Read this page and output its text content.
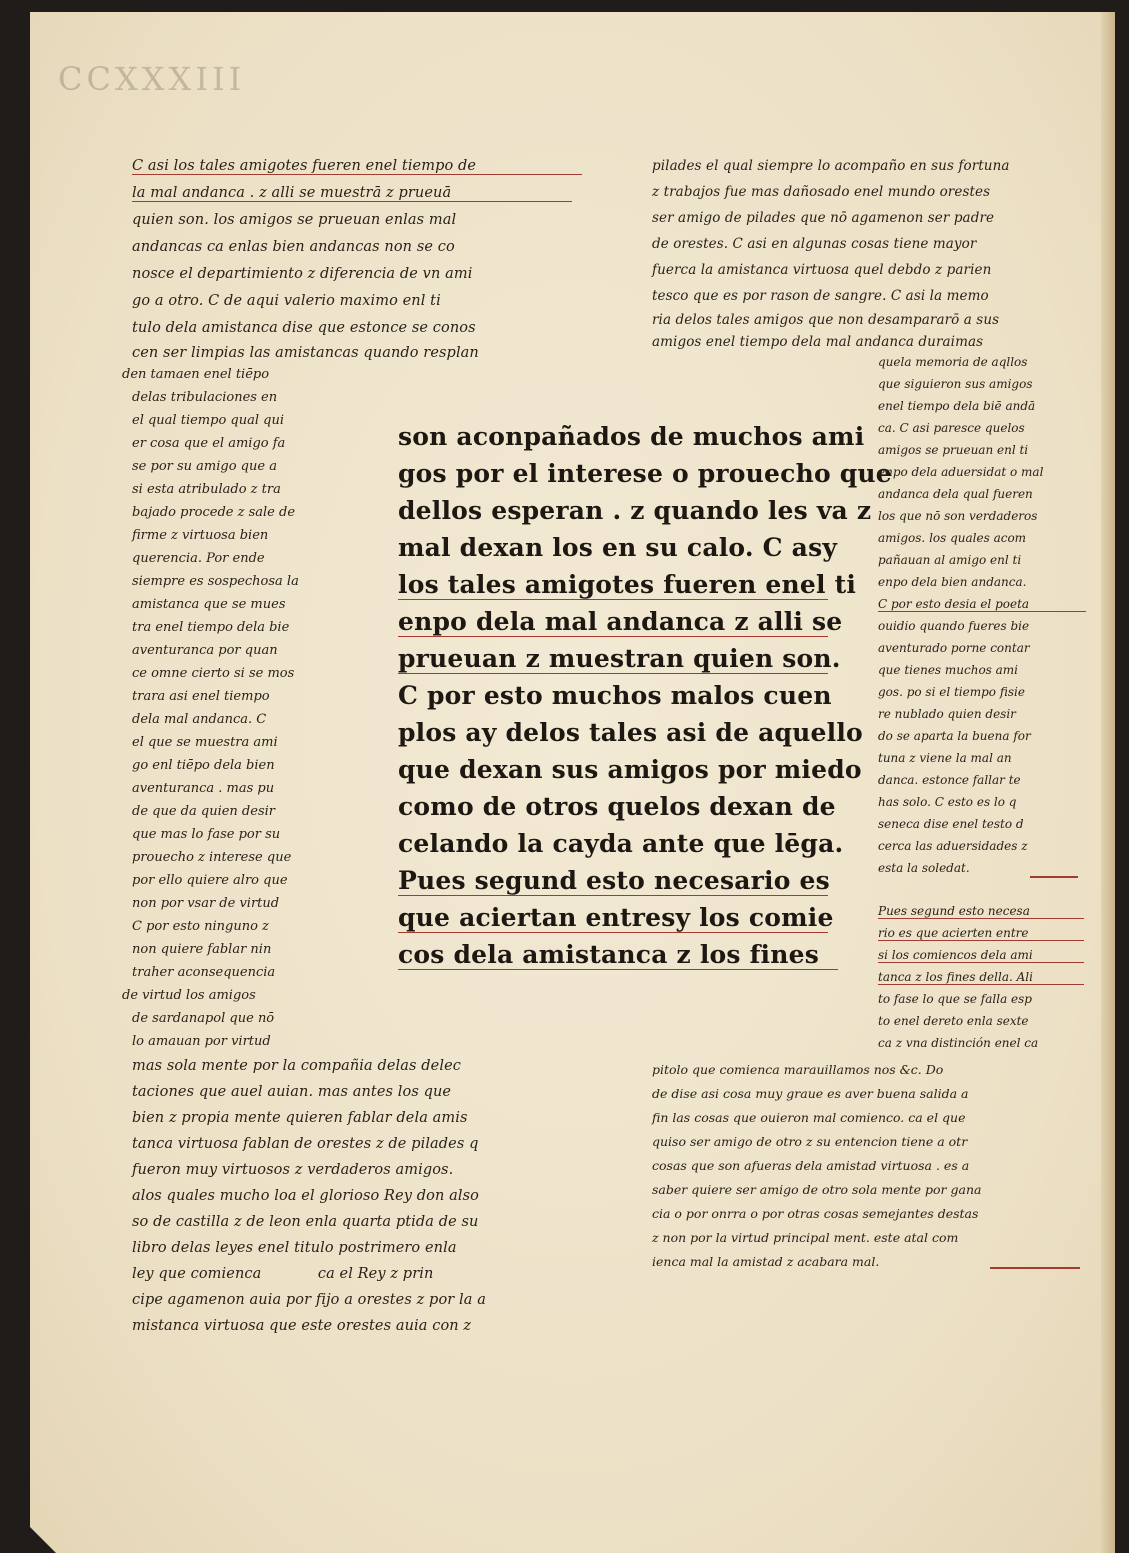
CCXXXIII
C asi los tales amigotes fueren enel tiempo de
la mal andanca . z alli se muestrā z prueuā
quien son. los amigos se prueuan enlas mal
andancas ca enlas bien andancas non se co
nosce el departimiento z diferencia de vn ami
go a otro. C de aqui valerio maximo enl ti
tulo dela amistanca dise que estonce se conos
cen ser limpias las amistancas quando resplan
den tamaen enel tiēpo
delas tribulaciones en
el qual tiempo qual qui
er cosa que el amigo fa
se por su amigo que a
si esta atribulado z tra
bajado procede z sale de
firme z virtuosa bien
querencia. Por ende
siempre es sospechosa la
amistanca que se mues
tra enel tiempo dela bie
aventuranca por quan
ce omne cierto si se mos
trara asi enel tiempo
dela mal andanca. C
el que se muestra ami
go enl tiēpo dela bien
aventuranca . mas pu
de que da quien desir
que mas lo fase por su
prouecho z interese que
por ello quiere alro que
non por vsar de virtud
C por esto ninguno z
non quiere fablar nin
traher aconsequencia
de virtud los amigos
de sardanapol que nō
lo amauan por virtud
mas sola mente por la compañia delas delec
taciones que auel auian. mas antes los que
bien z propia mente quieren fablar dela amis
tanca virtuosa fablan de orestes z de pilades q
fueron muy virtuosos z verdaderos amigos.
alos quales mucho loa el glorioso Rey don also
so de castilla z de leon enla quarta ptida de su
libro delas leyes enel titulo postrimero enla
ley que comienca            ca el Rey z prin
cipe agamenon auia por fijo a orestes z por la a
mistanca virtuosa que este orestes auia con z
son aconpañados de muchos ami
gos por el interese o prouecho que
dellos esperan . z quando les va z
mal dexan los en su calo. C asy
los tales amigotes fueren enel ti
enpo dela mal andanca z alli se
prueuan z muestran quien son.
C por esto muchos malos cuen
plos ay delos tales asi de aquello
que dexan sus amigos por miedo
como de otros quelos dexan de
celando la cayda ante que lēga.
Pues segund esto necesario es
que aciertan entresy los comie
cos dela amistanca z los fines
pilades el qual siempre lo acompaño en sus fortuna
z trabajos fue mas dañosado enel mundo orestes
ser amigo de pilades que nō agamenon ser padre
de orestes. C asi en algunas cosas tiene mayor
fuerca la amistanca virtuosa quel debdo z parien
tesco que es por rason de sangre. C asi la memo
ria delos tales amigos que non desampararō a sus
amigos enel tiempo dela mal andanca duraimas
quela memoria de aqllos
que siguieron sus amigos
enel tiempo dela biē andā
ca. C asi paresce quelos
amigos se prueuan enl ti
enpo dela aduersidat o mal
andanca dela qual fueren
los que nō son verdaderos
amigos. los quales acom
pañauan al amigo enl ti
enpo dela bien andanca.
C por esto desia el poeta
ouidio quando fueres bie
aventurado porne contar
que tienes muchos ami
gos. po si el tiempo fisie
re nublado quien desir
do se aparta la buena for
tuna z viene la mal an
danca. estonce fallar te
has solo. C esto es lo q
seneca dise enel testo d
cerca las aduersidades z
esta la soledat.
Pues segund esto necesa
rio es que acierten entre
si los comiencos dela ami
tanca z los fines della. Ali
to fase lo que se falla esp
to enel dereto enla sexte
ca z vna distinción enel ca
pitolo que comienca marauillamos nos &c. Do
de dise asi cosa muy graue es aver buena salida a
fin las cosas que ouieron mal comienco. ca el que
quiso ser amigo de otro z su entencion tiene a otr
cosas que son afueras dela amistad virtuosa . es a
saber quiere ser amigo de otro sola mente por gana
cia o por onrra o por otras cosas semejantes destas
z non por la virtud principal ment. este atal com
ienca mal la amistad z acabara mal.
